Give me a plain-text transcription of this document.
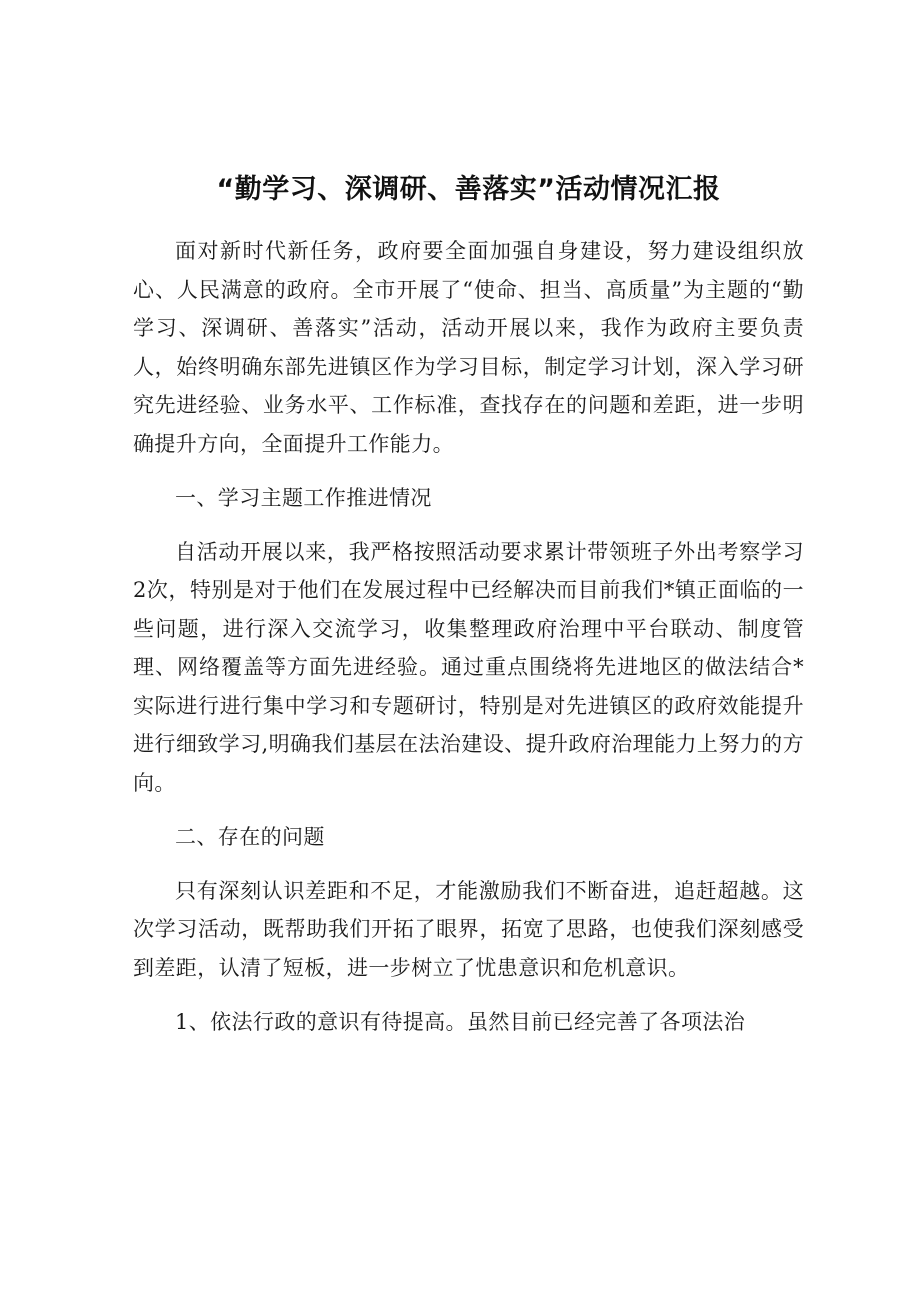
“勤学习、深调研、善落实”活动情况汇报

面对新时代新任务，政府要全面加强自身建设，努力建设组织放心、人民满意的政府。全市开展了“使命、担当、高质量”为主题的“勤学习、深调研、善落实”活动，活动开展以来，我作为政府主要负责人，始终明确东部先进镇区作为学习目标，制定学习计划，深入学习研究先进经验、业务水平、工作标准，查找存在的问题和差距，进一步明确提升方向，全面提升工作能力。

一、学习主题工作推进情况

自活动开展以来，我严格按照活动要求累计带领班子外出考察学习2次，特别是对于他们在发展过程中已经解决而目前我们*镇正面临的一些问题，进行深入交流学习，收集整理政府治理中平台联动、制度管理、网络覆盖等方面先进经验。通过重点围绕将先进地区的做法结合*实际进行进行集中学习和专题研讨，特别是对先进镇区的政府效能提升进行细致学习,明确我们基层在法治建设、提升政府治理能力上努力的方向。

二、存在的问题

只有深刻认识差距和不足，才能激励我们不断奋进，追赶超越。这次学习活动，既帮助我们开拓了眼界，拓宽了思路，也使我们深刻感受到差距，认清了短板，进一步树立了忧患意识和危机意识。

1、依法行政的意识有待提高。虽然目前已经完善了各项法治
